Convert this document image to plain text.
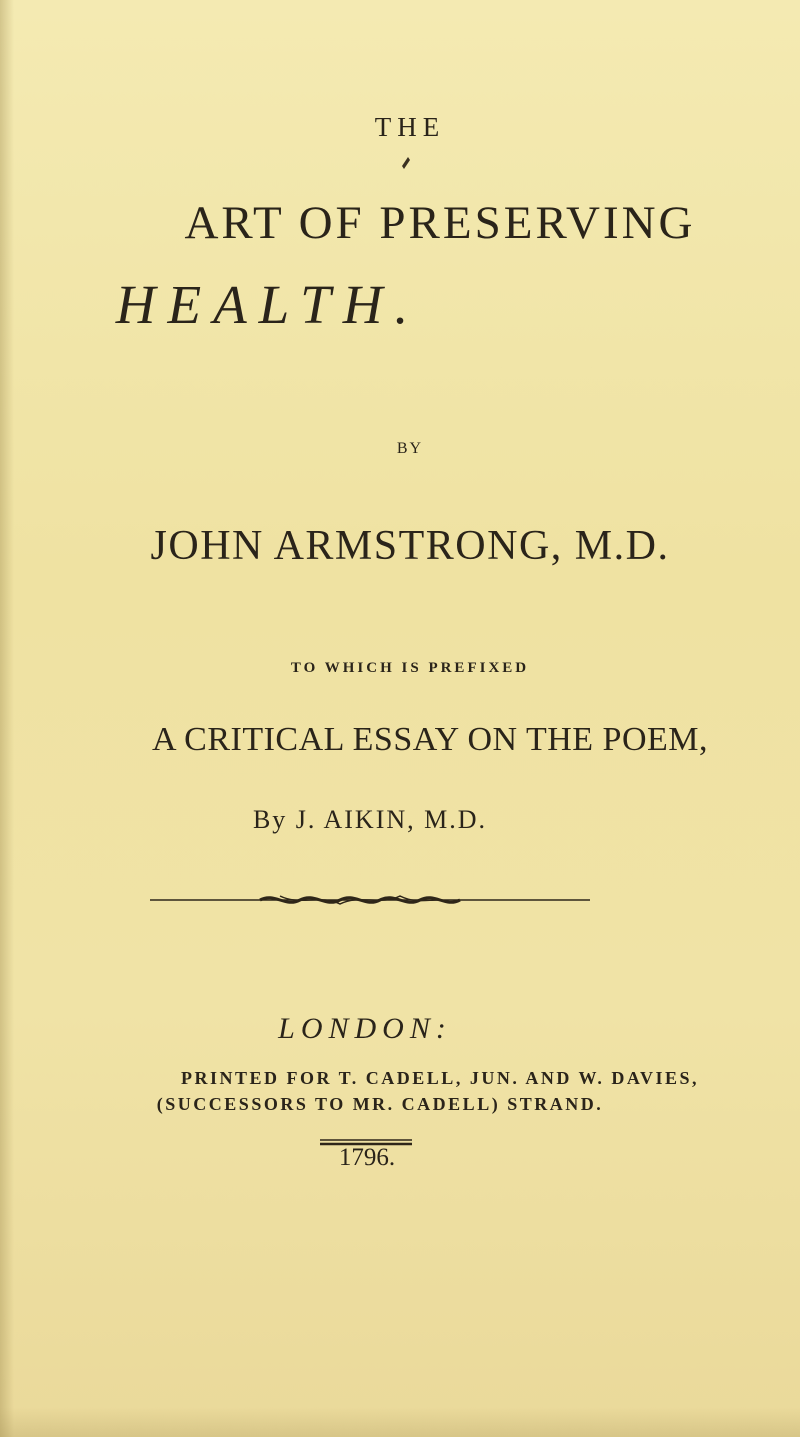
THE
ART OF PRESERVING
HEALTH.
BY
JOHN ARMSTRONG, M.D.
TO WHICH IS PREFIXED
A CRITICAL ESSAY ON THE POEM,
By J. AIKIN, M.D.
LONDON:
PRINTED FOR T. CADELL, JUN. AND W. DAVIES,
(SUCCESSORS TO MR. CADELL) STRAND.
1796.
